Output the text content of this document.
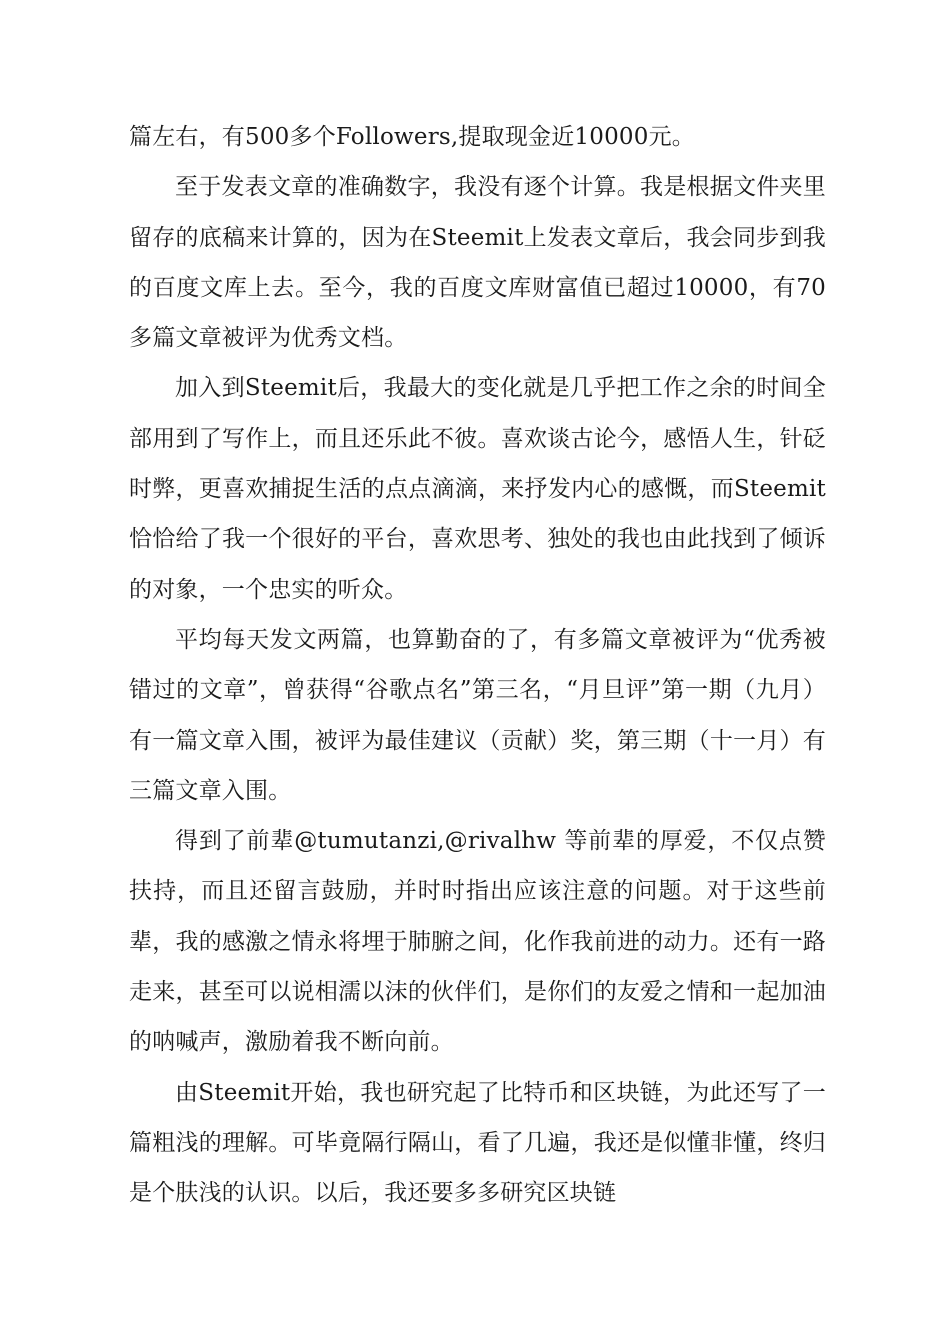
篇左右，有500多个Followers,提取现金近10000元。

至于发表文章的准确数字，我没有逐个计算。我是根据文件夹里留存的底稿来计算的，因为在Steemit上发表文章后，我会同步到我的百度文库上去。至今，我的百度文库财富值已超过10000，有70多篇文章被评为优秀文档。

加入到Steemit后，我最大的变化就是几乎把工作之余的时间全部用到了写作上，而且还乐此不彼。喜欢谈古论今，感悟人生，针砭时弊，更喜欢捕捉生活的点点滴滴，来抒发内心的感慨，而Steemit恰恰给了我一个很好的平台，喜欢思考、独处的我也由此找到了倾诉的对象，一个忠实的听众。

平均每天发文两篇，也算勤奋的了，有多篇文章被评为“优秀被错过的文章”，曾获得“谷歌点名”第三名，“月旦评”第一期（九月）有一篇文章入围，被评为最佳建议（贡献）奖，第三期（十一月）有三篇文章入围。

得到了前辈@tumutanzi,@rivalhw 等前辈的厚爱，不仅点赞扶持，而且还留言鼓励，并时时指出应该注意的问题。对于这些前辈，我的感激之情永将埋于肺腑之间，化作我前进的动力。还有一路走来，甚至可以说相濡以沫的伙伴们，是你们的友爱之情和一起加油的呐喊声，激励着我不断向前。

由Steemit开始，我也研究起了比特币和区块链，为此还写了一篇粗浅的理解。可毕竟隔行隔山，看了几遍，我还是似懂非懂，终归是个肤浅的认识。以后，我还要多多研究区块链
